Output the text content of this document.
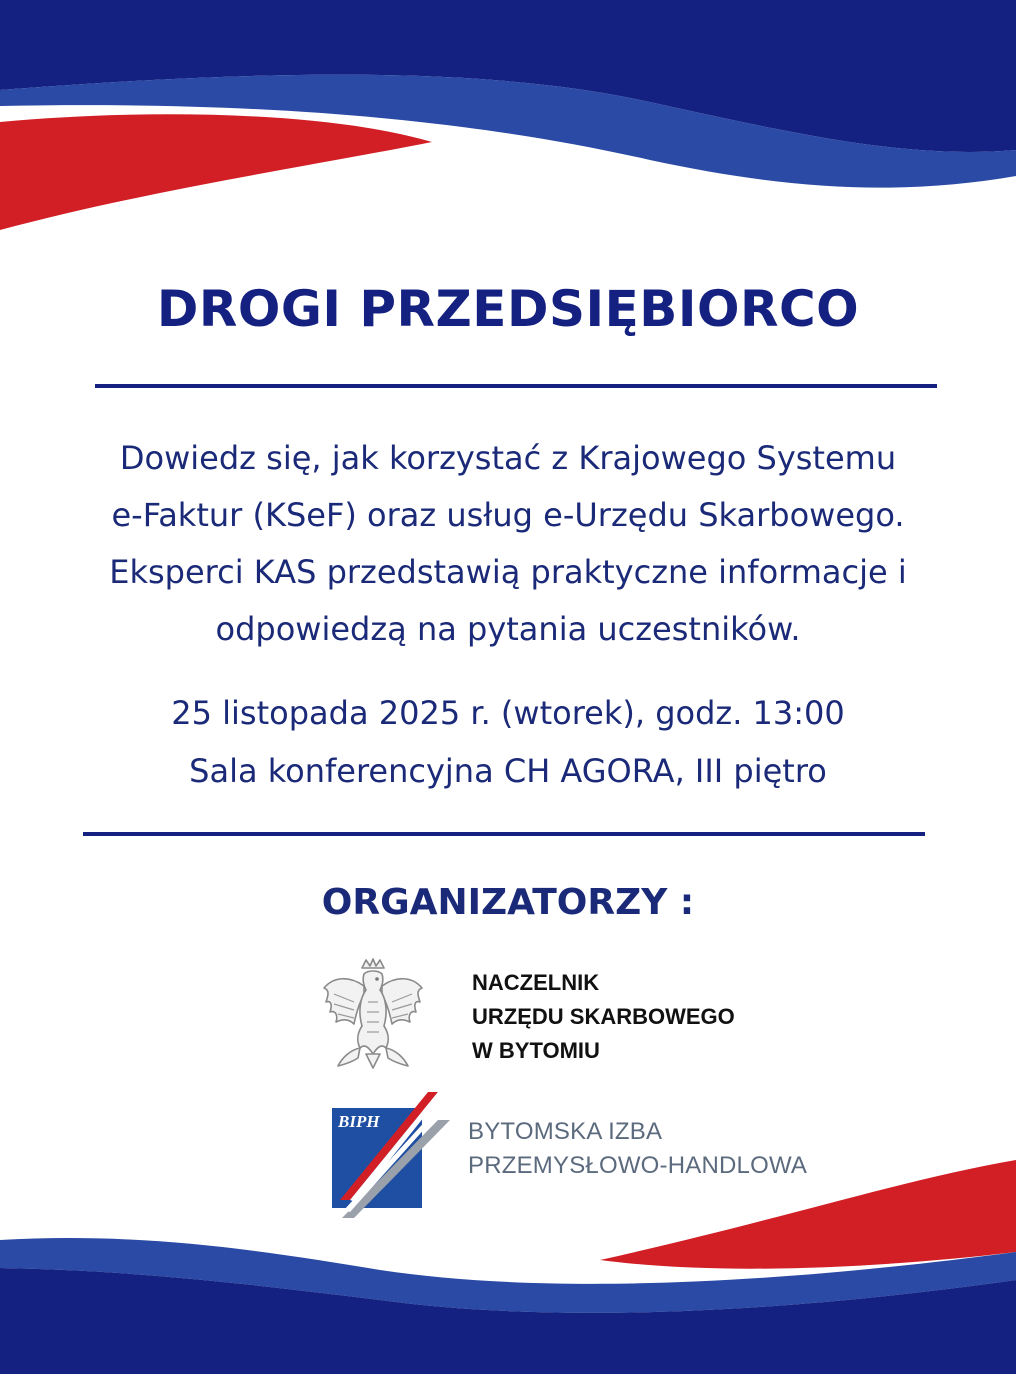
DROGI PRZEDSIĘBIORCO

Dowiedz się, jak korzystać z Krajowego Systemu
e-Faktur (KSeF) oraz usług e-Urzędu Skarbowego.
Eksperci KAS przedstawią praktyczne informacje i
odpowiedzą na pytania uczestników.

25 listopada 2025 r. (wtorek), godz. 13:00
Sala konferencyjna CH AGORA, III piętro

ORGANIZATORZY :
NACZELNIK
URZĘDU SKARBOWEGO
W BYTOMIU
BIPH	BYTOMSKA IZBA
PRZEMYSŁOWO-HANDLOWA
